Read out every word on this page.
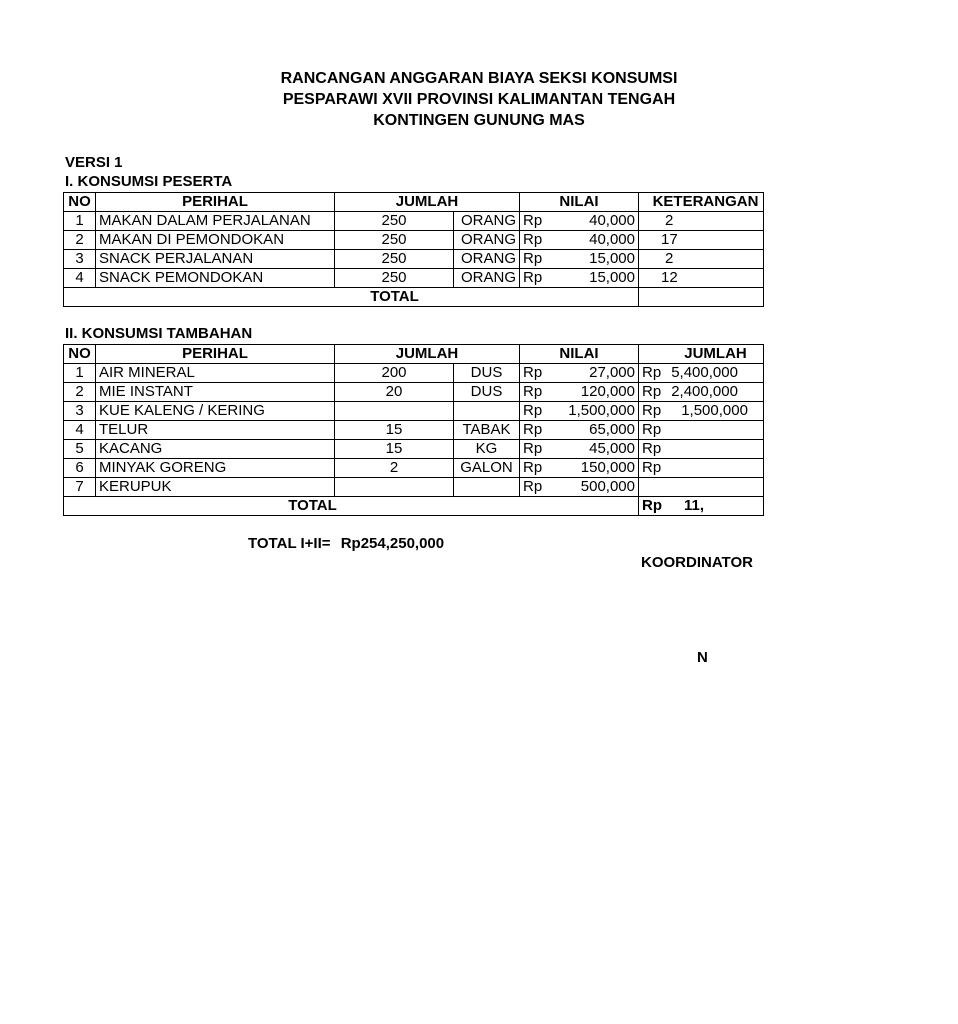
RANCANGAN ANGGARAN BIAYA SEKSI KONSUMSI
PESPARAWI XVII PROVINSI KALIMANTAN TENGAH
KONTINGEN GUNUNG MAS
VERSI 1
I. KONSUMSI PESERTA
NO	PERIHAL	JUMLAH		NILAI	KETERANGAN
1	MAKAN DALAM PERJALANAN	250	ORANG	Rp 40,000	2
2	MAKAN DI PEMONDOKAN	250	ORANG	Rp 40,000	17
3	SNACK PERJALANAN	250	ORANG	Rp 15,000	2
4	SNACK PEMONDOKAN	250	ORANG	Rp 15,000	12
TOTAL					
II. KONSUMSI TAMBAHAN
NO	PERIHAL	JUMLAH		NILAI	JUMLAH
1	AIR MINERAL	200	DUS	Rp 27,000	Rp 5,400,000
2	MIE INSTANT	20	DUS	Rp 120,000	Rp 2,400,000
3	KUE KALENG / KERING			Rp 1,500,000	Rp 1,500,000
4	TELUR	15	TABAK	Rp 65,000	Rp
5	KACANG	15	KG	Rp 45,000	Rp
6	MINYAK GORENG	2	GALON	Rp 150,000	Rp
7	KERUPUK			Rp 500,000	

TOTAL					Rp 11,
TOTAL I+II= Rp254,250,000
KOORDINATOR
N
